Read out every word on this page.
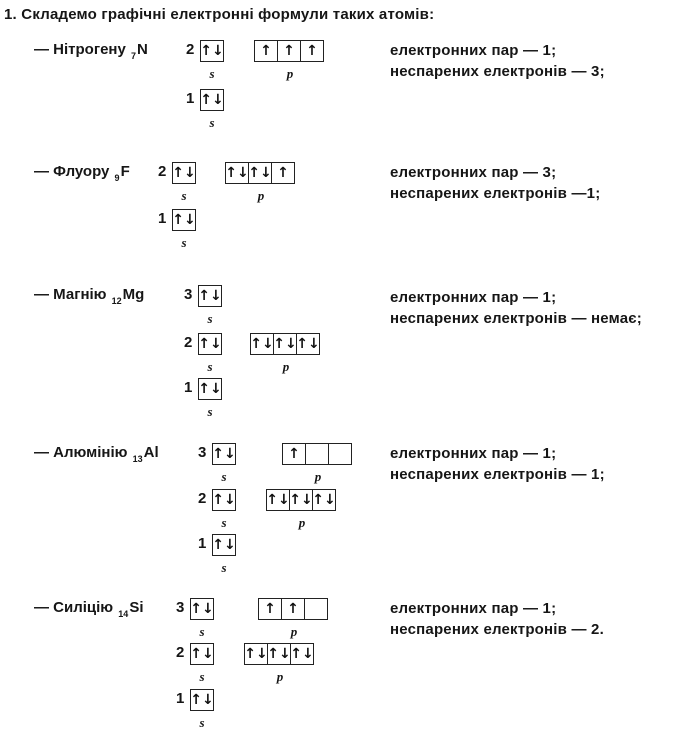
1. Складемо графічні електронні формули таких атомів:
— Нітрогену $_7$N	2 ↑↓
s
↑ ↑ ↑
p
1 ↑↓
s
електронних пар — 1;
неспарених електронів — 3;
— Флуору $_9$F 2 ↑↓
s
↑↓ ↑↓ ↑
p
1 ↑↓
s
електронних пар — 3;
неспарених електронів —1;
— Магнію $_{12}$Mg	3 ↑↓
s
2 ↑↓
s
↑↓ ↑↓ ↑↓
p
1 ↑↓
s
електронних пар — 1;
неспарених електронів — немає;
— Алюмінію $_{13}$Al	3 ↑↓
s
↑
p
2 ↑↓
s
↑↓ ↑↓ ↑↓
p
1 ↑↓
s
електронних пар — 1;
неспарених електронів — 1;
— Силіцію $_{14}$Si 3 ↑↓
s
↑ ↑
p
2 ↑↓
s
↑↓ ↑↓ ↑↓
p
1 ↑↓
s
електронних пар — 1;
неспарених електронів — 2.
